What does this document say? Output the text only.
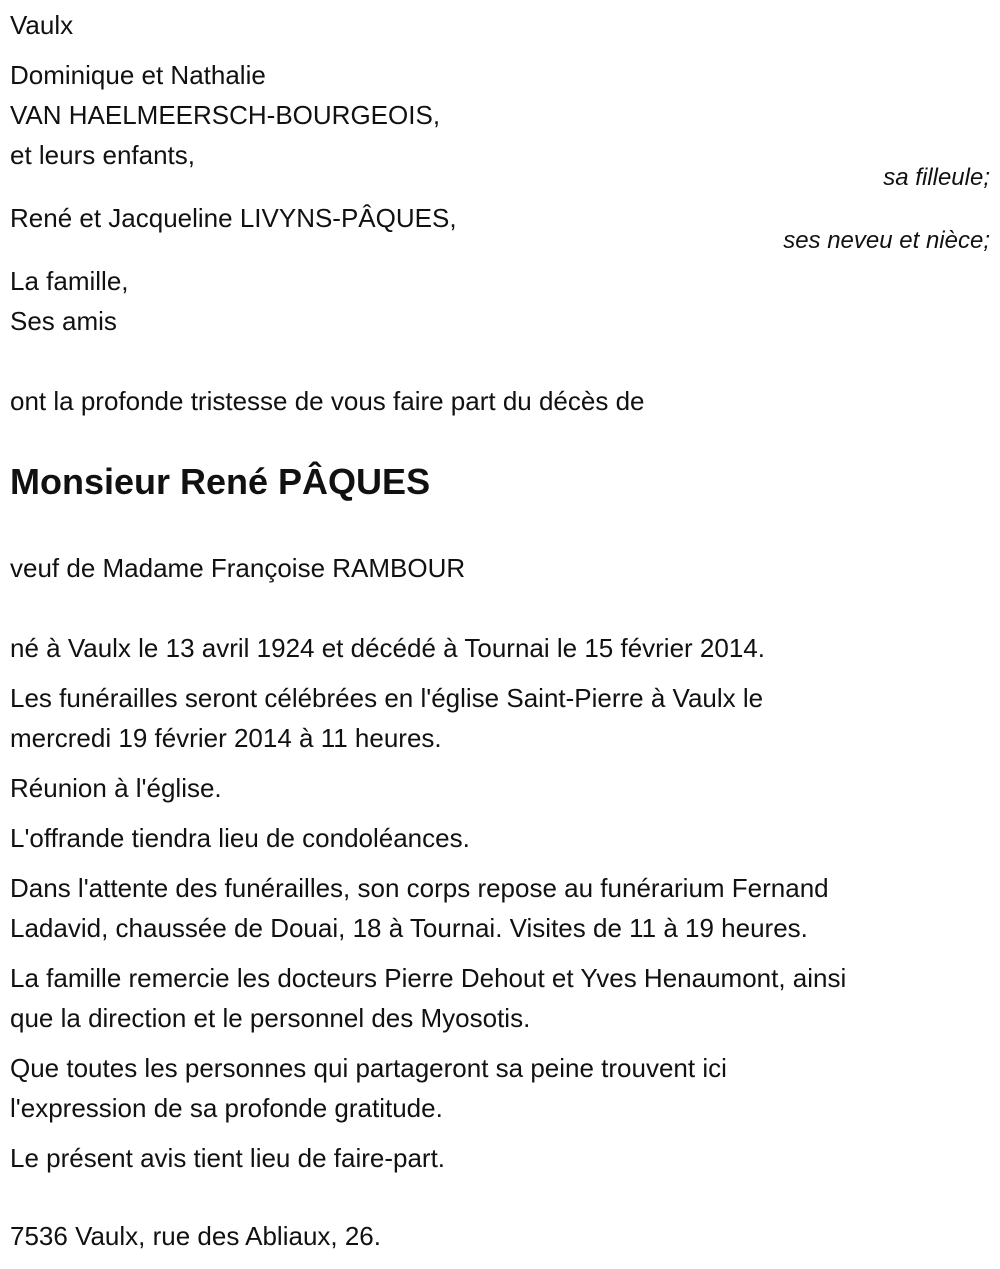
Vaulx
Dominique et Nathalie
VAN HAELMEERSCH-BOURGEOIS,
et leurs enfants,
sa filleule;
René et Jacqueline LIVYNS-PÂQUES,
ses neveu et nièce;
La famille,
Ses amis
ont la profonde tristesse de vous faire part du décès de
Monsieur René PÂQUES
veuf de Madame Françoise RAMBOUR
né à Vaulx le 13 avril 1924 et décédé à Tournai le 15 février 2014.
Les funérailles seront célébrées en l'église Saint-Pierre à Vaulx le
mercredi 19 février 2014 à 11 heures.
Réunion à l'église.
L'offrande tiendra lieu de condoléances.
Dans l'attente des funérailles, son corps repose au funérarium Fernand
Ladavid, chaussée de Douai, 18 à Tournai. Visites de 11 à 19 heures.
La famille remercie les docteurs Pierre Dehout et Yves Henaumont, ainsi
que la direction et le personnel des Myosotis.
Que toutes les personnes qui partageront sa peine trouvent ici
l'expression de sa profonde gratitude.
Le présent avis tient lieu de faire-part.
7536 Vaulx, rue des Abliaux, 26.
